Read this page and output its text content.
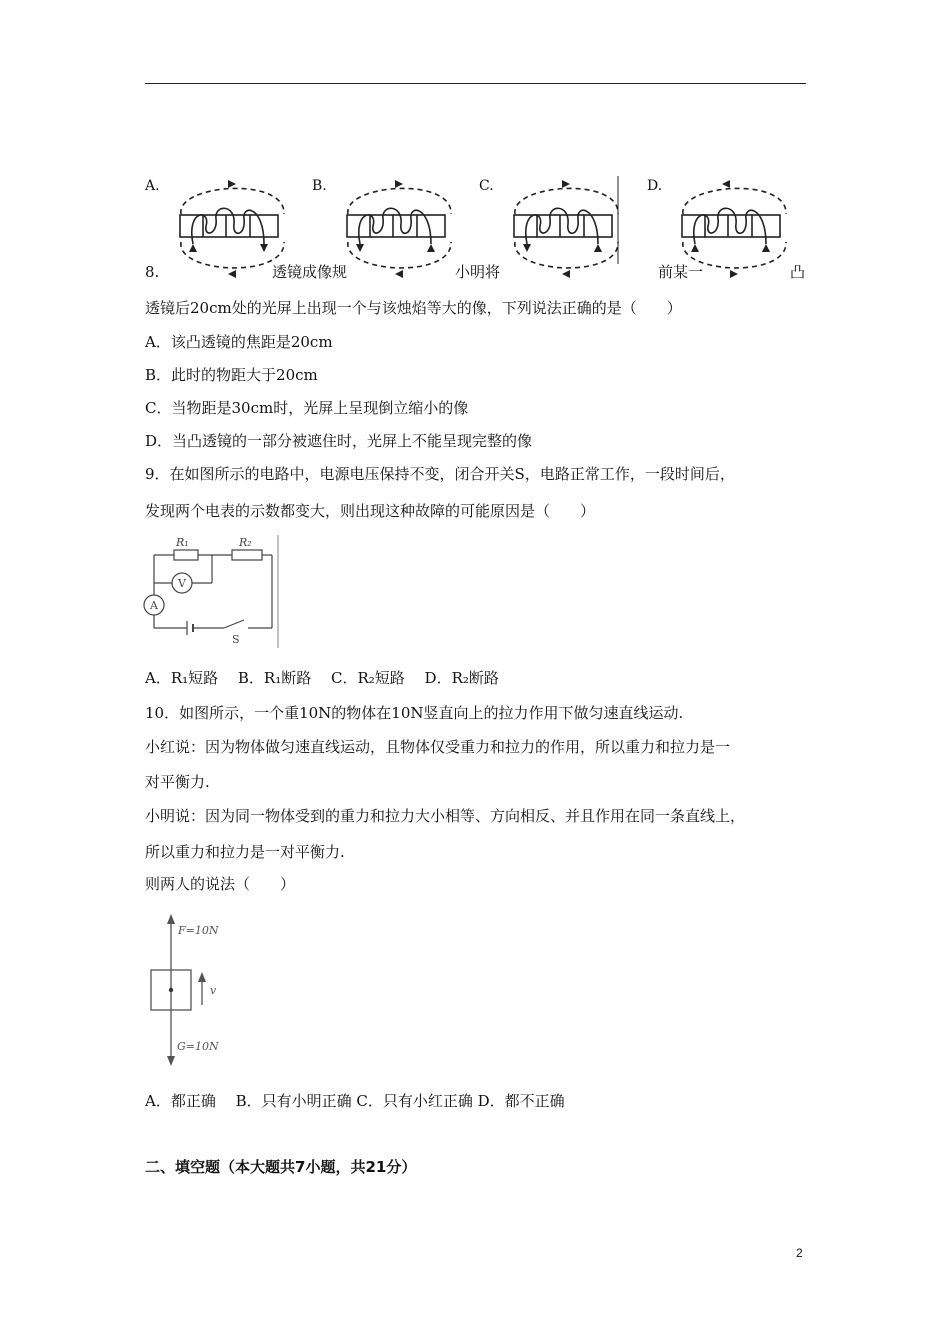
A.	B.	C.	D.
8.	透镜成像规	小明将	前某一	凸
透镜后20cm处的光屏上出现一个与该烛焰等大的像，下列说法正确的是（　　）
A．该凸透镜的焦距是20cm
B．此时的物距大于20cm
C．当物距是30cm时，光屏上呈现倒立缩小的像
D．当凸透镜的一部分被遮住时，光屏上不能呈现完整的像
9．在如图所示的电路中，电源电压保持不变，闭合开关S，电路正常工作，一段时间后，
发现两个电表的示数都变大，则出现这种故障的可能原因是（　　）
R₁	R₂
V
A
S
A．R₁短路　 B．R₁断路　 C．R₂短路　 D．R₂断路
10．如图所示，一个重10N的物体在10N竖直向上的拉力作用下做匀速直线运动.
小红说：因为物体做匀速直线运动，且物体仅受重力和拉力的作用，所以重力和拉力是一
对平衡力.
小明说：因为同一物体受到的重力和拉力大小相等、方向相反、并且作用在同一条直线上，
所以重力和拉力是一对平衡力.
则两人的说法（　　）
F=10N
v
G=10N
A．都正确　 B．只有小明正确 C．只有小红正确 D．都不正确
二、填空题（本大题共7小题，共21分）
2
